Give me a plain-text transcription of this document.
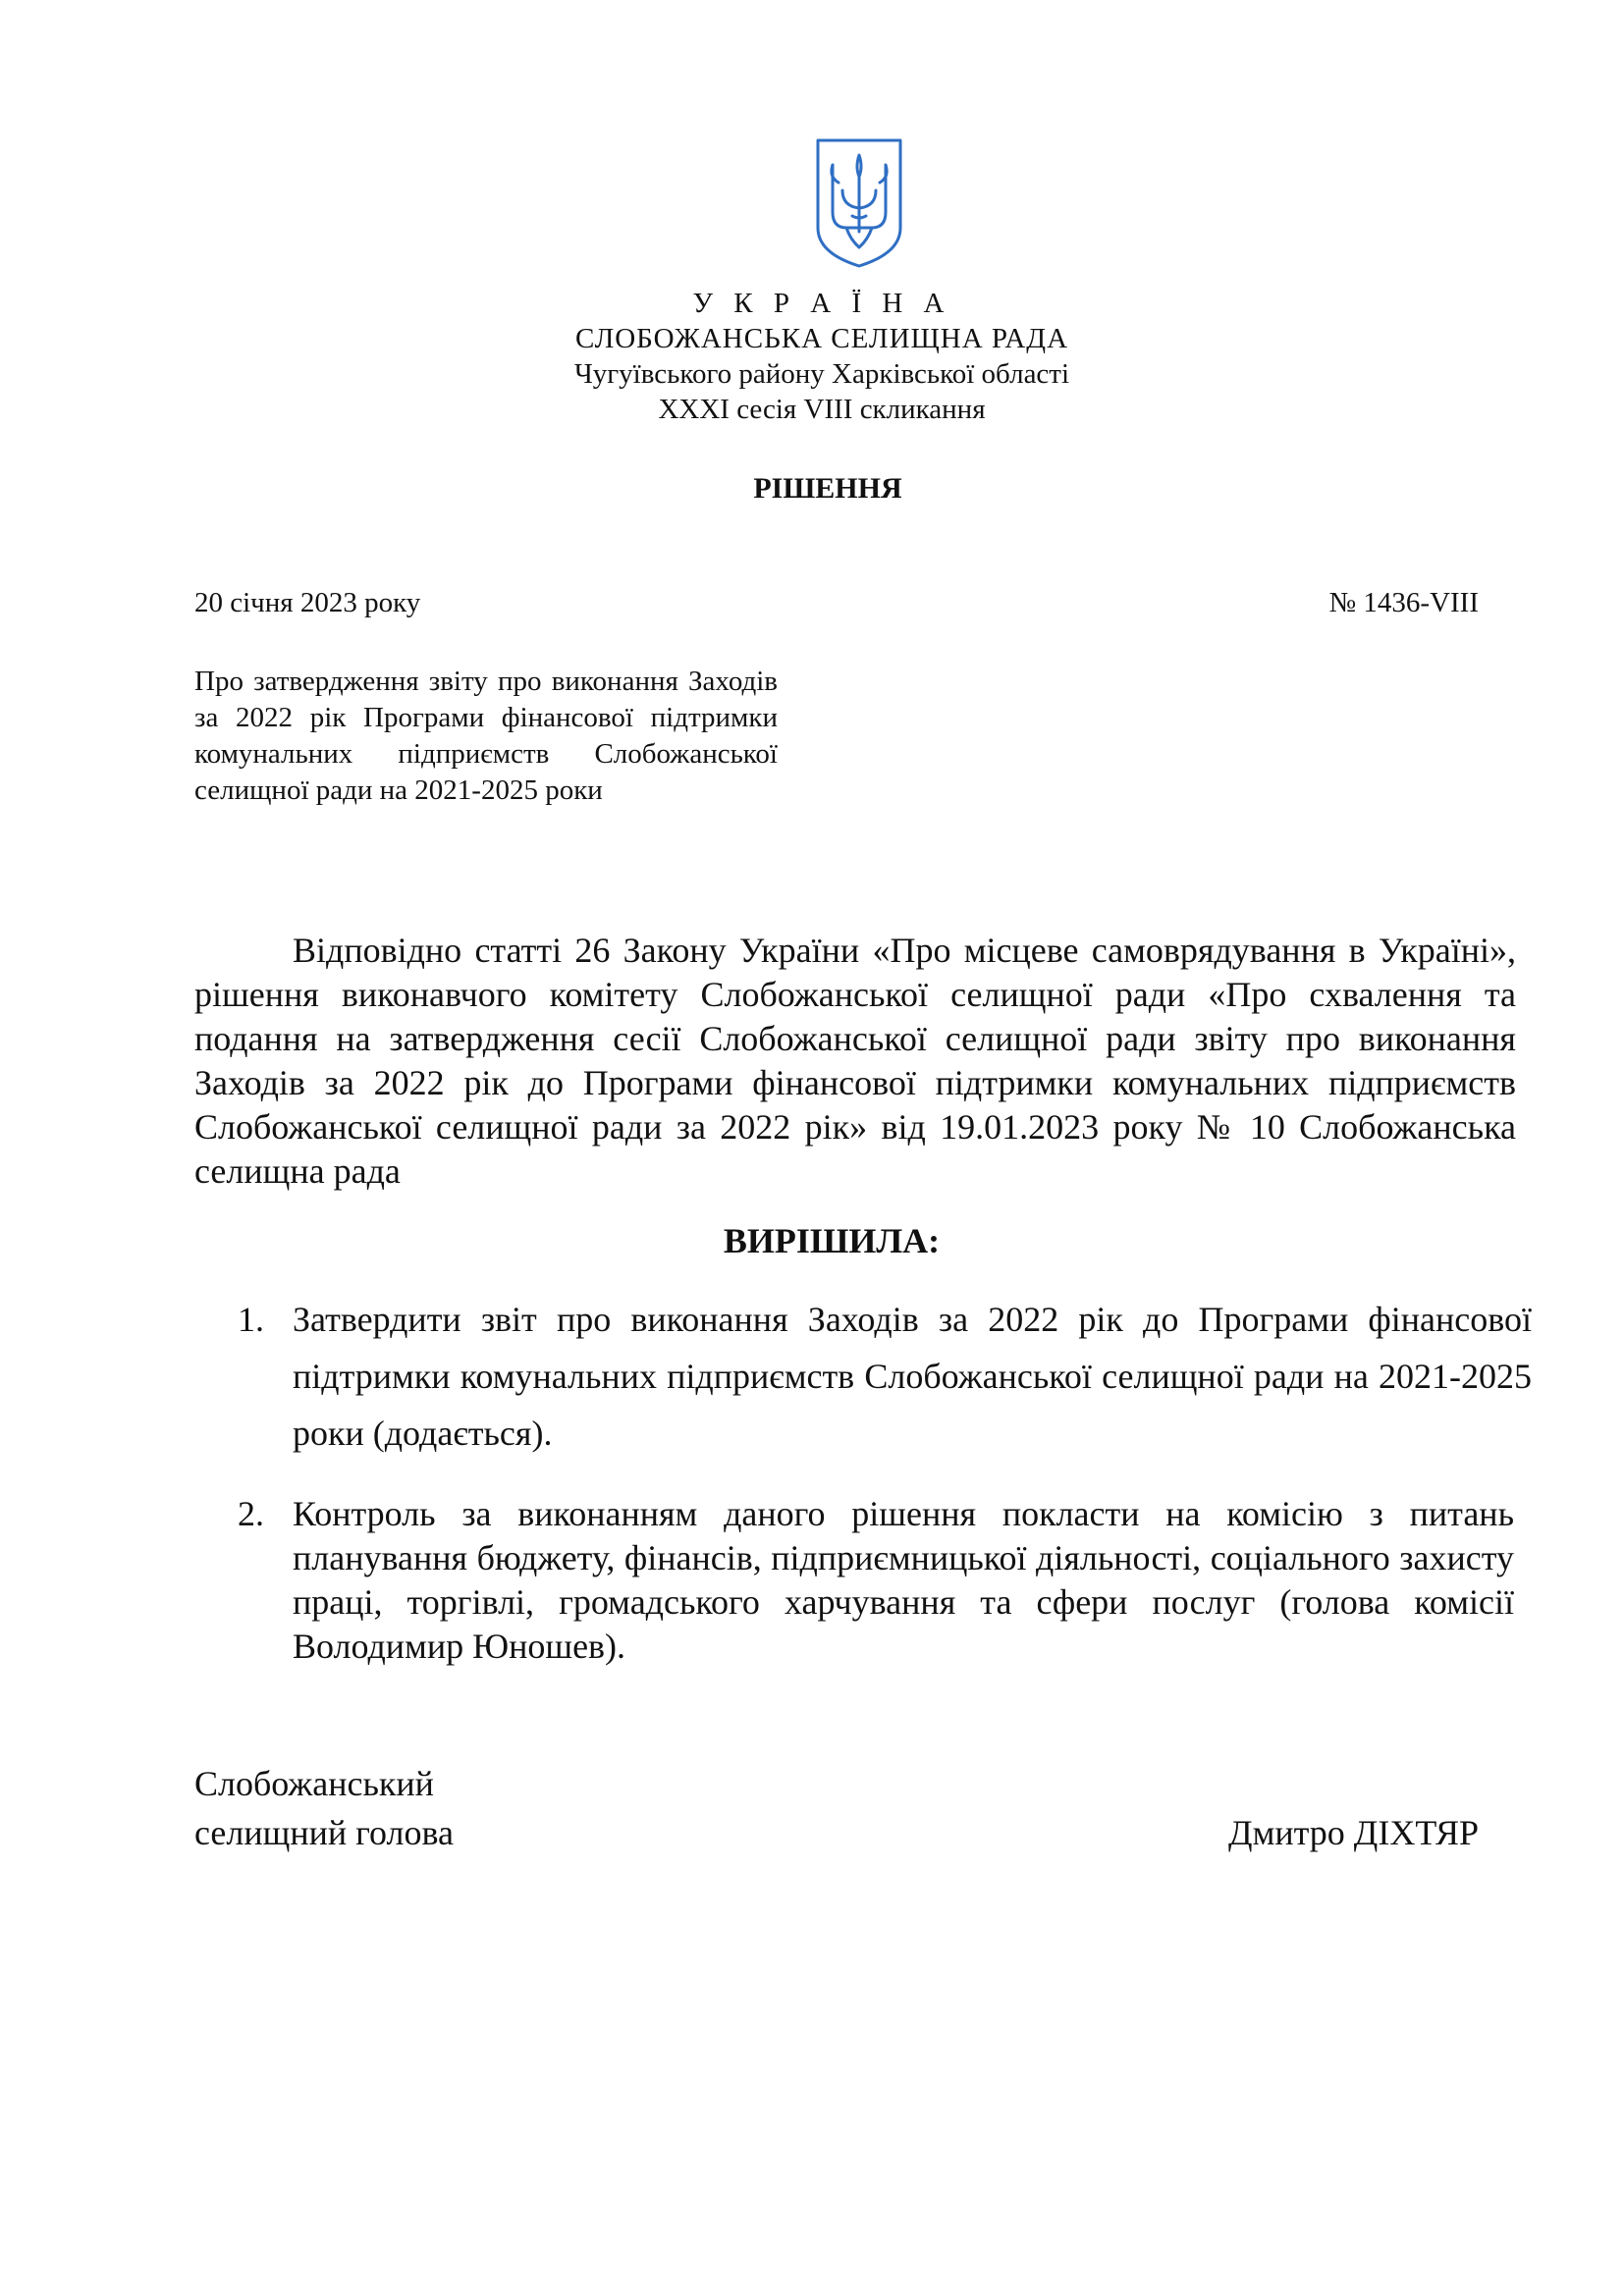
У К Р А Ї Н А
СЛОБОЖАНСЬКА СЕЛИЩНА РАДА
Чугуївського району Харківської області
XXXI сесія VIII скликання
РІШЕННЯ
20 січня 2023 року	№ 1436-VIII
Про затвердження звіту про виконання Заходів за 2022 рік Програми фінансової підтримки комунальних підприємств Слобожанської селищної ради на 2021-2025 роки
Відповідно статті 26 Закону України «Про місцеве самоврядування в Україні», рішення виконавчого комітету Слобожанської селищної ради «Про схвалення та подання на затвердження сесії Слобожанської селищної ради звіту про виконання Заходів за 2022 рік до Програми фінансової підтримки комунальних підприємств Слобожанської селищної ради за 2022 рік» від 19.01.2023 року № 10 Слобожанська селищна рада
ВИРІШИЛА:
1. Затвердити звіт про виконання Заходів за 2022 рік до Програми фінансової підтримки комунальних підприємств Слобожанської селищної ради на 2021-2025 роки (додається).
2. Контроль за виконанням даного рішення покласти на комісію з питань планування бюджету, фінансів, підприємницької діяльності, соціального захисту праці, торгівлі, громадського харчування та сфери послуг (голова комісії Володимир Юношев).
Слобожанський
селищний голова	Дмитро ДІХТЯР
